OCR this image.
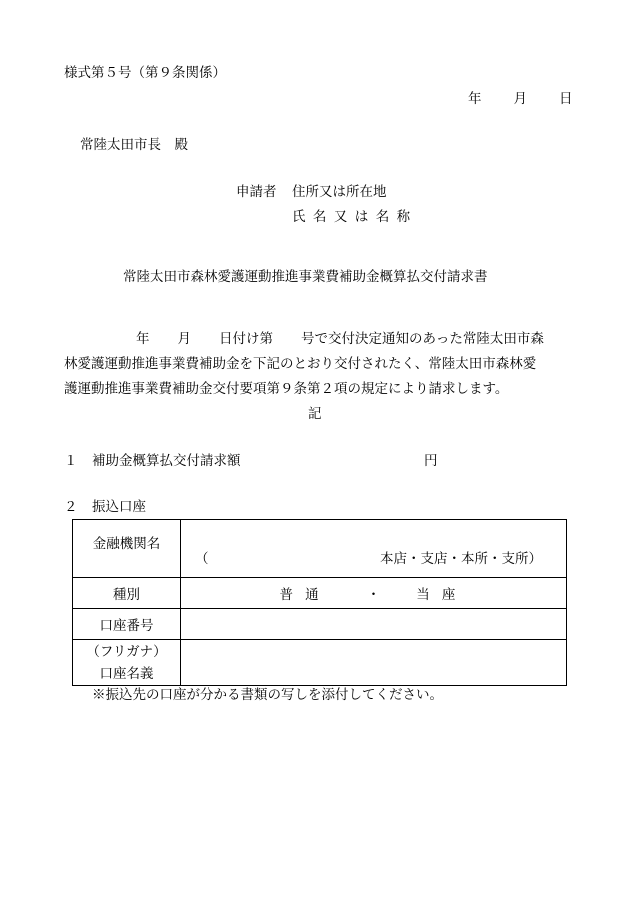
様式第５号（第９条関係）
年 月 日
常陸太田市長　殿
申請者 住所又は所在地
氏名又は名称
常陸太田市森林愛護運動推進事業費補助金概算払交付請求書
年 月 日付け第 号で交付決定通知のあった常陸太田市森
林愛護運動推進事業費補助金を下記のとおり交付されたく、常陸太田市森林愛
護運動推進事業費補助金交付要項第９条第２項の規定により請求します。
記
１ 補助金概算払交付請求額	円
２ 振込口座
金融機関名	（ 本店・支店・本所・支所）

種別	普通 ・ 当座
口座番号	

（フリガナ）
口座名義	

※振込先の口座が分かる書類の写しを添付してください。
